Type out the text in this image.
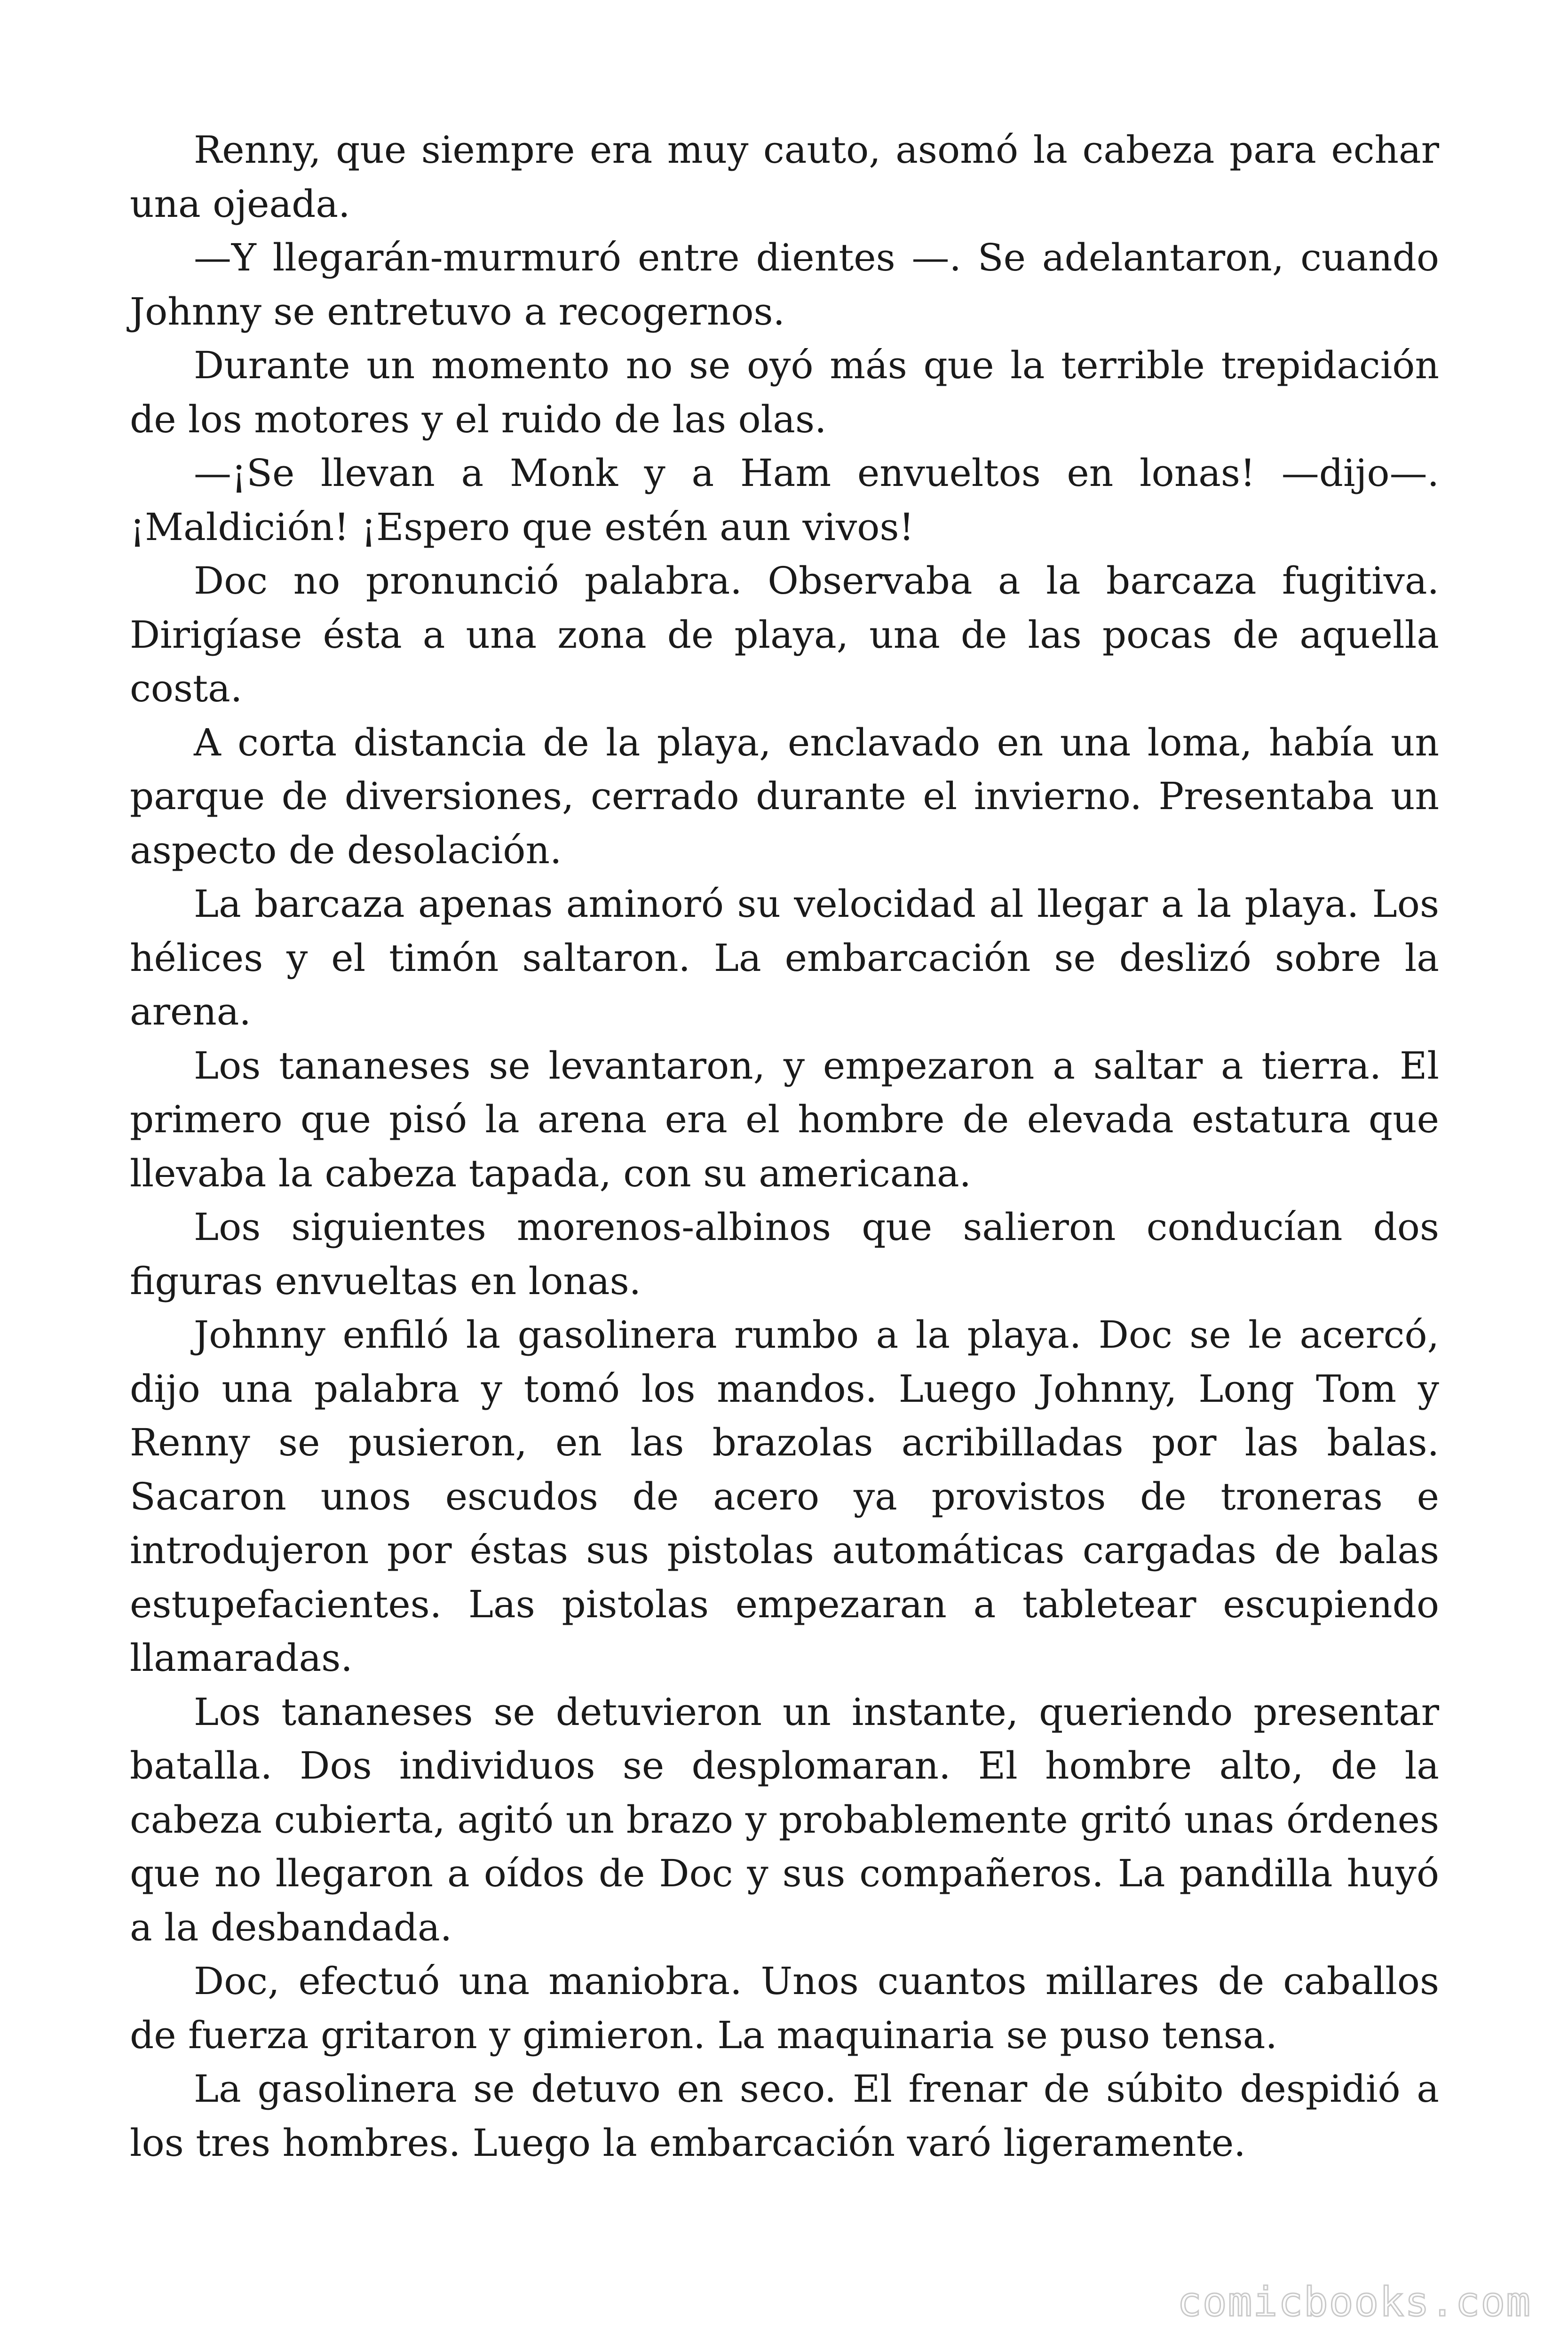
Renny, que siempre era muy cauto, asomó la cabeza para echar una ojeada.

—Y llegarán-murmuró entre dientes —. Se adelantaron, cuando Johnny se entretuvo a recogernos.

Durante un momento no se oyó más que la terrible trepidación de los motores y el ruido de las olas.

—¡Se llevan a Monk y a Ham envueltos en lonas! —dijo—. ¡Maldición! ¡Espero que estén aun vivos!

Doc no pronunció palabra. Observaba a la barcaza fugitiva. Dirigíase ésta a una zona de playa, una de las pocas de aquella costa.

A corta distancia de la playa, enclavado en una loma, había un parque de diversiones, cerrado durante el invierno. Presentaba un aspecto de desolación.

La barcaza apenas aminoró su velocidad al llegar a la playa. Los hélices y el timón saltaron. La embarcación se deslizó sobre la arena.

Los tananeses se levantaron, y empezaron a saltar a tierra. El primero que pisó la arena era el hombre de elevada estatura que llevaba la cabeza tapada, con su americana.

Los siguientes morenos-albinos que salieron conducían dos figuras envueltas en lonas.

Johnny enfiló la gasolinera rumbo a la playa. Doc se le acercó, dijo una palabra y tomó los mandos. Luego Johnny, Long Tom y Renny se pusieron, en las brazolas acribilladas por las balas. Sacaron unos escudos de acero ya provistos de troneras e introdujeron por éstas sus pistolas automáticas cargadas de balas estupefacientes. Las pistolas empezaran a tabletear escupiendo llamaradas.

Los tananeses se detuvieron un instante, queriendo presentar batalla. Dos individuos se desplomaran. El hombre alto, de la cabeza cubierta, agitó un brazo y probablemente gritó unas órdenes que no llegaron a oídos de Doc y sus compañeros. La pandilla huyó a la desbandada.

Doc, efectuó una maniobra. Unos cuantos millares de caballos de fuerza gritaron y gimieron. La maquinaria se puso tensa.

La gasolinera se detuvo en seco. El frenar de súbito despidió a los tres hombres. Luego la embarcación varó ligeramente.

comicbooks.com
